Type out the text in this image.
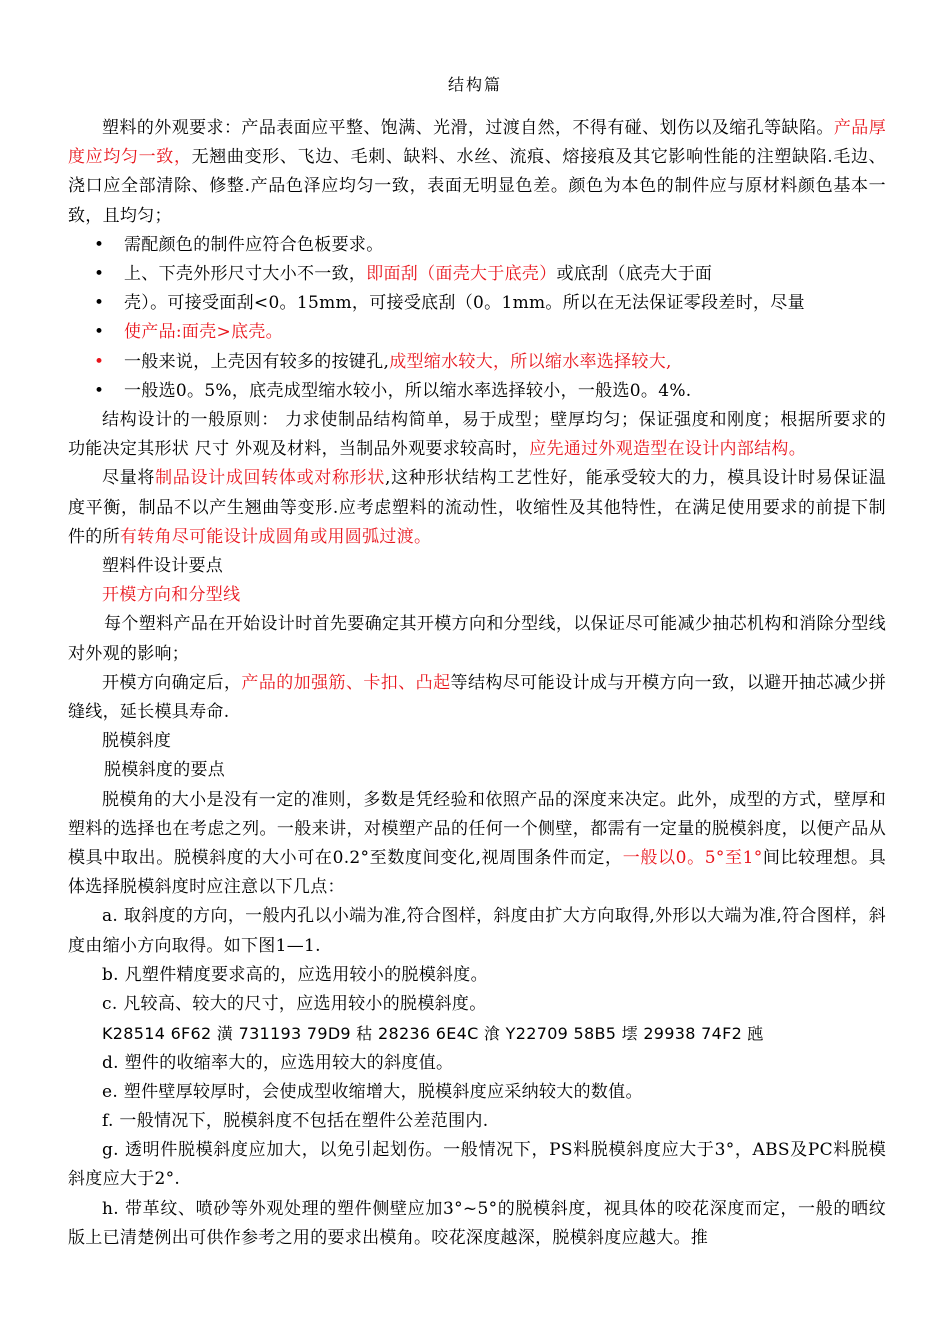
结构篇

塑料的外观要求：产品表面应平整、饱满、光滑，过渡自然，不得有碰、划伤以及缩孔等缺陷。产品厚度应均匀一致，无翘曲变形、飞边、毛刺、缺料、水丝、流痕、熔接痕及其它影响性能的注塑缺陷.毛边、浇口应全部清除、修整.产品色泽应均匀一致，表面无明显色差。颜色为本色的制件应与原材料颜色基本一致，且均匀；

•	需配颜色的制件应符合色板要求。
•	上、下壳外形尺寸大小不一致，即面刮（面壳大于底壳）或底刮（底壳大于面
•	壳）。可接受面刮<0。15mm，可接受底刮（0。1mm。所以在无法保证零段差时，尽量
•	使产品:面壳>底壳。
•	一般来说，上壳因有较多的按键孔,成型缩水较大，所以缩水率选择较大,
•	一般选0。5%，底壳成型缩水较小，所以缩水率选择较小，一般选0。4%.

结构设计的一般原则： 力求使制品结构简单，易于成型；壁厚均匀；保证强度和刚度；根据所要求的功能决定其形状 尺寸 外观及材料，当制品外观要求较高时，应先通过外观造型在设计内部结构。

尽量将制品设计成回转体或对称形状,这种形状结构工艺性好，能承受较大的力，模具设计时易保证温度平衡，制品不以产生翘曲等变形.应考虑塑料的流动性，收缩性及其他特性，在满足使用要求的前提下制件的所有转角尽可能设计成圆角或用圆弧过渡。

塑料件设计要点

开模方向和分型线

每个塑料产品在开始设计时首先要确定其开模方向和分型线，以保证尽可能减少抽芯机构和消除分型线对外观的影响；

开模方向确定后，产品的加强筋、卡扣、凸起等结构尽可能设计成与开模方向一致，以避开抽芯减少拼缝线，延长模具寿命.

脱模斜度

脱模斜度的要点

脱模角的大小是没有一定的准则，多数是凭经验和依照产品的深度来决定。此外，成型的方式，壁厚和塑料的选择也在考虑之列。一般来讲，对模塑产品的任何一个侧壁，都需有一定量的脱模斜度，以便产品从模具中取出。脱模斜度的大小可在0.2°至数度间变化,视周围条件而定，一般以0。5°至1°间比较理想。具体选择脱模斜度时应注意以下几点：

a. 取斜度的方向，一般内孔以小端为准,符合图样，斜度由扩大方向取得,外形以大端为准,符合图样，斜度由缩小方向取得。如下图1—1.

b. 凡塑件精度要求高的，应选用较小的脱模斜度。

c. 凡较高、较大的尺寸，应选用较小的脱模斜度。

K28514 6F62 潢 731193 79D9 秙 28236 6E4C 湌 Y22709 58B5 墵 29938 74F2 瓲

d. 塑件的收缩率大的，应选用较大的斜度值。

e. 塑件壁厚较厚时，会使成型收缩增大，脱模斜度应采纳较大的数值。

f. 一般情况下，脱模斜度不包括在塑件公差范围内.

g. 透明件脱模斜度应加大，以免引起划伤。一般情况下，PS料脱模斜度应大于3°，ABS及PC料脱模斜度应大于2°.

h. 带革纹、喷砂等外观处理的塑件侧壁应加3°~5°的脱模斜度，视具体的咬花深度而定，一般的晒纹版上已清楚例出可供作参考之用的要求出模角。咬花深度越深，脱模斜度应越大。推
